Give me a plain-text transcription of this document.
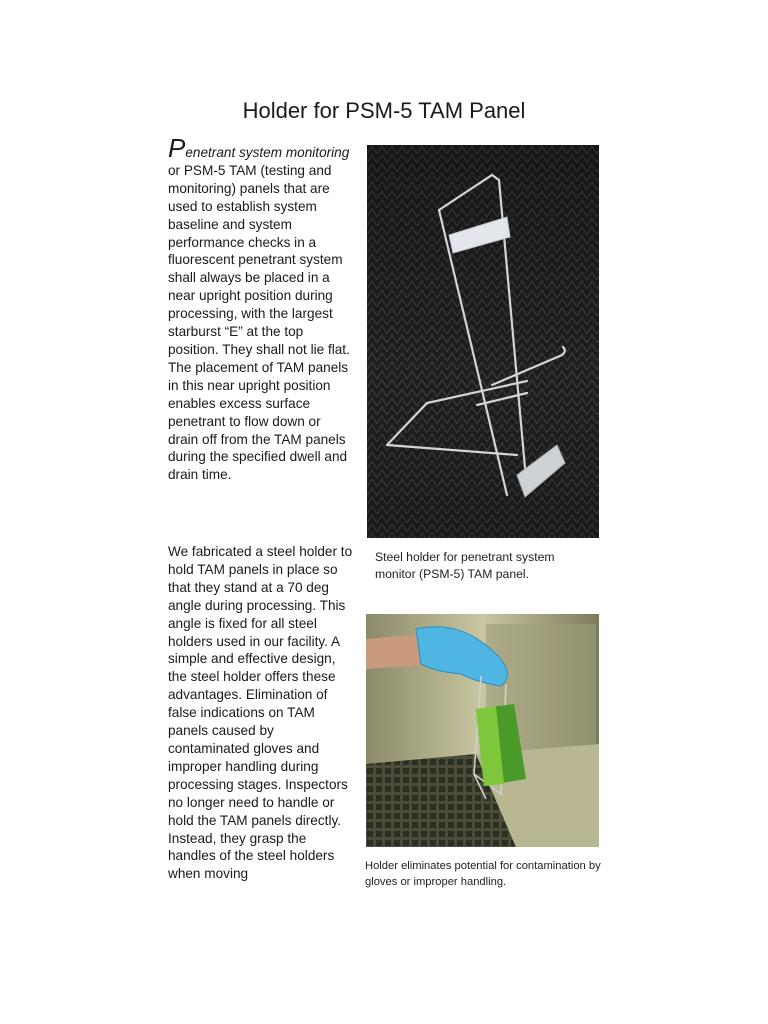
Holder for PSM-5 TAM Panel
Penetrant system monitoring or PSM-5 TAM (testing and monitoring) panels that are used to establish system baseline and system performance checks in a fluorescent penetrant system shall always be placed in a near upright position during processing, with the largest starburst “E” at the top position. They shall not lie flat. The placement of TAM panels in this near upright position enables excess surface penetrant to flow down or drain off from the TAM panels during the specified dwell and drain time.
We fabricated a steel holder to hold TAM panels in place so that they stand at a 70 deg angle during processing. This angle is fixed for all steel holders used in our facility. A simple and effective design, the steel holder offers these advantages. Elimination of false indications on TAM panels caused by contaminated gloves and improper handling during processing stages. Inspectors no longer need to handle or hold the TAM panels directly. Instead, they grasp the handles of the steel holders when moving
Steel holder for penetrant system monitor (PSM-5) TAM panel.
Holder eliminates potential for contamination by gloves or improper handling.
